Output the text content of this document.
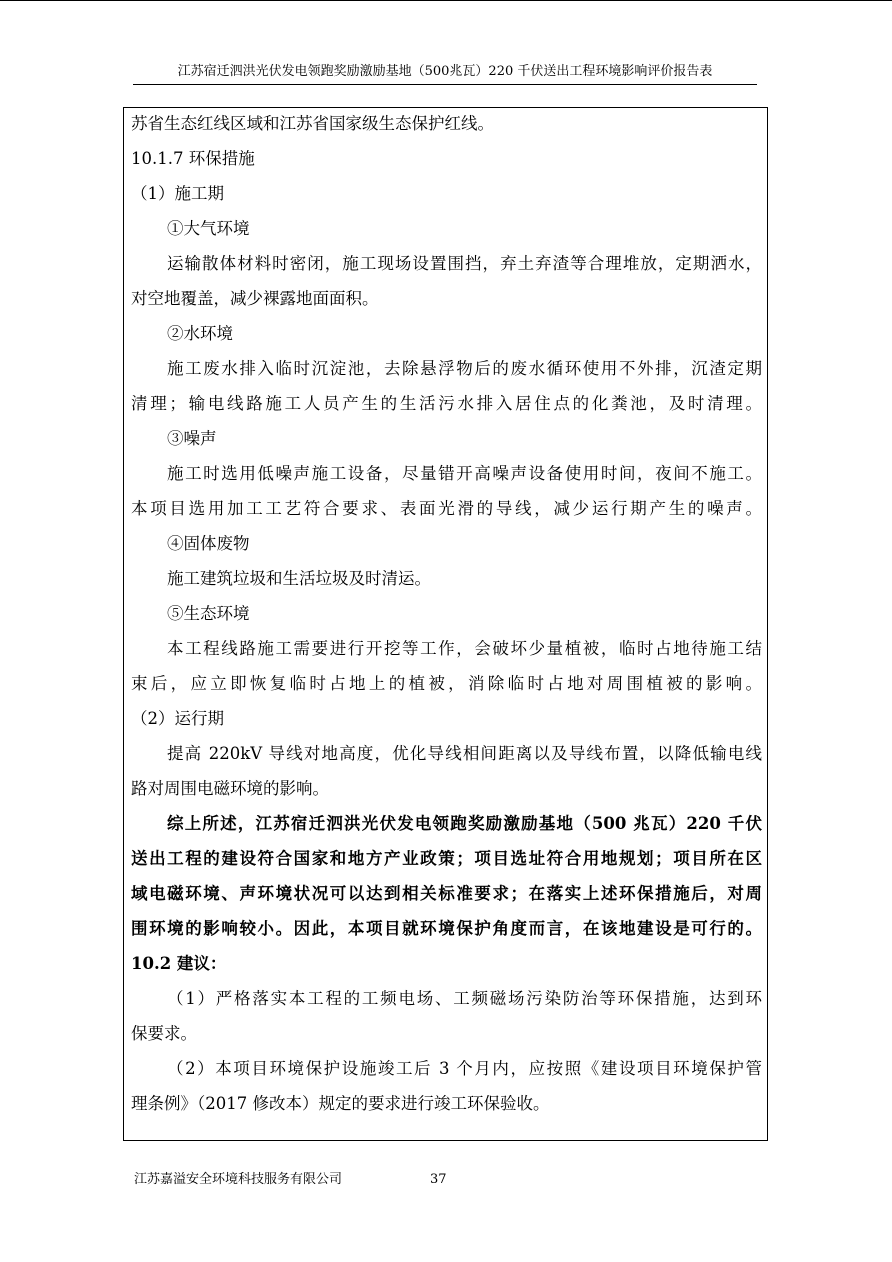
江苏宿迁泗洪光伏发电领跑奖励激励基地（500兆瓦）220 千伏送出工程环境影响评价报告表
苏省生态红线区域和江苏省国家级生态保护红线。
10.1.7 环保措施
（1）施工期
①大气环境
运输散体材料时密闭，施工现场设置围挡，弃土弃渣等合理堆放，定期洒水，
对空地覆盖，减少裸露地面面积。
②水环境
施工废水排入临时沉淀池，去除悬浮物后的废水循环使用不外排，沉渣定期
清理；输电线路施工人员产生的生活污水排入居住点的化粪池，及时清理。
③噪声
施工时选用低噪声施工设备，尽量错开高噪声设备使用时间，夜间不施工。
本项目选用加工工艺符合要求、表面光滑的导线，减少运行期产生的噪声。
④固体废物
施工建筑垃圾和生活垃圾及时清运。
⑤生态环境
本工程线路施工需要进行开挖等工作，会破坏少量植被，临时占地待施工结
束后，应立即恢复临时占地上的植被，消除临时占地对周围植被的影响。
（2）运行期
提高 220kV 导线对地高度，优化导线相间距离以及导线布置，以降低输电线
路对周围电磁环境的影响。
综上所述，江苏宿迁泗洪光伏发电领跑奖励激励基地（500 兆瓦）220 千伏
送出工程的建设符合国家和地方产业政策；项目选址符合用地规划；项目所在区
域电磁环境、声环境状况可以达到相关标准要求；在落实上述环保措施后，对周
围环境的影响较小。因此，本项目就环境保护角度而言，在该地建设是可行的。
10.2 建议：
（1）严格落实本工程的工频电场、工频磁场污染防治等环保措施，达到环
保要求。
（2）本项目环境保护设施竣工后 3 个月内，应按照《建设项目环境保护管
理条例》（2017 修改本）规定的要求进行竣工环保验收。
江苏嘉溢安全环境科技服务有限公司	37
